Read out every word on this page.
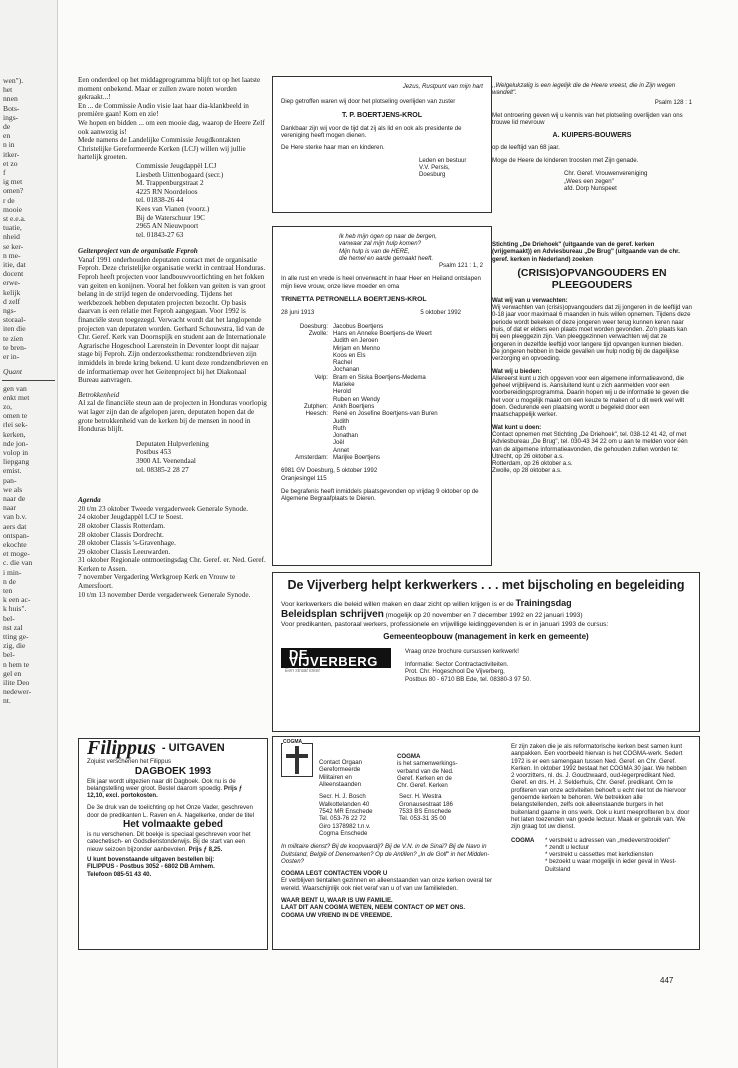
wen").
het
nnen
Bots-
ings-
de
en
n in
itker-
et zo
f
ig met
omen?
r de
mooie
st e.e.a.
tuatie,
nheid
se ker-
n me-
itie, dat
docent
erwe-
kelijk
d zelf
ngs-
storaal-
iten die
te zien
te bren-
er in-
Quant
gen van
enkt met
zo,
omen te
rlei sek-
kerken,
nde jon-
volop in
liepgang
emist.
pan-
we als
naar de
naar
van b.v.
aers dat
ontspan-
ekochte
et moge-
c. die van
i min-
n de
ten
k een ac-
k huis".
bel-
nst zal
tting ge-
zig, die
bel-
n hem te
gel en
ilite Deo
nedewer-
nt.
Een onderdeel op het middagprogramma blijft tot op het laatste moment onbekend. Maar er zullen zware noten worden gekraakt...!
En ... de Commissie Audio visie laat haar dia-klankbeeld in première gaan! Kom en zie!
We hopen en bidden ... om een mooie dag, waarop de Heere Zelf ook aanwezig is!
Mede namens de Landelijke Commissie Jeugdkontakten Christelijke Gereformeerde Kerken (LCJ) willen wij jullie hartelijk groeten.
Commissie Jeugdappèl LCJ
Liesbeth Uittenbogaard (secr.)
M. Trappenburgstraat 2
4225 RN Noordeloos
tel. 01838-26 44
Kees van Vianen (voorz.)
Bij de Waterschuur 19C
2965 AN Nieuwpoort
tel. 01843-27 63
Geitenproject van de organisatie Feproh

Vanaf 1991 onderhouden deputaten contact met de organisatie Feproh. Deze christelijke organisatie werkt in centraal Honduras. Feproh heeft projecten voor landbouwvoorlichting en het fokken van geiten en konijnen. Vooral het fokken van geiten is van groot belang in de strijd tegen de ondervoeding. Tijdens het werkbezoek hebben deputaten projecten bezocht. Op basis daarvan is een relatie met Feproh aangegaan. Voor 1992 is financiële steun toegezegd. Verwacht wordt dat het langlopende projecten van deputaten worden. Gerhard Schouwstra, lid van de Chr. Geref. Kerk van Doornspijk en student aan de Internationale Agrarische Hogeschool Larenstein in Deventer loopt dit najaar stage bij Feproh. Zijn onderzoeksthema: rondzendbrieven zijn inmiddels in brede kring bekend. U kunt deze rondzendbrieven en de informatiemap over het Geitenproject bij het Diakonaal Bureau aanvragen.

Betrokkenheid

Al zal de financiële steun aan de projecten in Honduras voorlopig wat lager zijn dan de afgelopen jaren, deputaten hopen dat de grote betrokkenheid van de kerken bij de mensen in nood in Honduras blijft.

Deputaten Hulpverlening
Postbus 453
3900 AL Veenendaal
tel. 08385-2 28 27
Agenda
20 t/m 23 oktober Tweede vergaderweek Generale Synode.
24 oktober Jeugdappèl LCJ te Soest.
28 oktober Classis Rotterdam.
28 oktober Classis Dordrecht.
28 oktober Classis 's-Gravenhage.
29 oktober Classis Leeuwarden.
31 oktober Regionale ontmoetingsdag Chr. Geref. er. Ned. Geref. Kerken te Assen.
7 november Vergadering Werkgroep Kerk en Vrouw te Amersfoort.
10 t/m 13 november Derde vergaderweek Generale Synode.
Jezus, Rustpunt van mijn hart
Diep getroffen waren wij door het plotseling overlijden van zuster
T. P. BOERTJENS-KROL
Dankbaar zijn wij voor de tijd dat zij als lid en ook als presidente de vereniging heeft mogen dienen.
De Here sterke haar man en kinderen.
Leden en bestuur
V.V. Persis,
Doesburg
,,Welgelukzalig is een iegelijk die de Heere vreest, die in Zijn wegen wandelt".
Psalm 128 : 1
Met ontroering geven wij u kennis van het plotseling overlijden van ons trouwe lid mevrouw
A. KUIPERS-BOUWERS
op de leeftijd van 68 jaar.
Moge de Heere de kinderen troosten met Zijn genade.
Chr. Geref. Vrouwenvereniging
„Wees een zegen"
afd. Dorp Nunspeet
Ik heb mijn ogen op naar de bergen,
vanwaar zal mijn hulp komen?
Mijn hulp is van de HERE,
die hemel en aarde gemaakt heeft.
Psalm 121 : 1, 2
In alle rust en vrede is heel onverwacht in haar Heer en Heiland ontslapen mijn lieve vrouw, onze lieve moeder en oma
TRINETTA PETRONELLA BOERTJENS-KROL
28 juni 1913	5 oktober 1992
Doesburg: Jacobus Boertjens
Zwolle: Hans en Anneke Boertjens-de Weert
Judith en Jeroen
Mirjam en Menno
Koos en Els
Rachel
Jochanan
Velp: Bram en Siska Boertjens-Medema
Marieke
Herold
Ruben en Wendy
Zutphen: Ankh Boertjens
Heesch: René en Josefine Boertjens-van Buren
Judith
Ruth
Jonathan
Joël
Annet
Amsterdam: Marijke Boertjens
6981 GV Doesburg, 5 oktober 1992
Oranjesingel 115
De begrafenis heeft inmiddels plaatsgevonden op vrijdag 9 oktober op de Algemene Begraafplaats te Dieren.
Stichting „De Driehoek" (uitgaande van de geref. kerken (vrijgemaakt)) en Adviesbureau „De Brug" (uitgaande van de chr. geref. kerken in Nederland) zoeken
(CRISIS)OPVANGOUDERS EN PLEEGOUDERS
Wat wij van u verwachten:
Wij verwachten van (crisis)opvangouders dat zij jongeren in de leeftijd van 0-18 jaar voor maximaal 6 maanden in huis willen opnemen. Tijdens deze periode wordt bekeken of deze jongeren weer terug kunnen keren naar huis, of dat er elders een plaats moet worden gevonden. Zo'n plaats kan bij een pleeggezin zijn. Van pleeggezinnen verwachten wij dat ze jongeren in dezelfde leeftijd voor langere tijd opvangen kunnen bieden. De jongeren hebben in beide gevallen uw hulp nodig bij de dagelijkse verzorging en opvoeding.
Wat wij u bieden:
Allereerst kunt u zich opgeven voor een algemene informatieavond, die geheel vrijblijvend is. Aansluitend kunt u zich aanmelden voor een voorbereidingsprogramma. Daarin hopen wij u de informatie te geven die het voor u mogelijk maakt om een keuze te maken of u dit werk wel wilt doen. Gedurende een plaatsing wordt u begeleid door een maatschappelijk werker.
Wat kunt u doen:
Contact opnemen met Stichting „De Driehoek", tel. 038-12 41 42, of met Adviesbureau „De Brug", tel. 030-43 34 22 om u aan te melden voor één van de algemene informatieavonden, die gehouden zullen worden te:
Utrecht, op 26 oktober a.s.
Rotterdam, op 26 oktober a.s.
Zwolle, op 28 oktober a.s.
De Vijverberg helpt kerkwerkers . . . met bijscholing en begeleiding
Voor kerkwerkers die beleid willen maken en daar zicht op willen krijgen is er de Trainingsdag
Beleidsplan schrijven (mogelijk op 20 november en 7 december 1992 en 22 januari 1993)
Voor predikanten, pastoraal werkers, professionele en vrijwillige leidinggevenden is er in januari 1993 de cursus:
Gemeenteopbouw (management in kerk en gemeente)
DE VIJVERBERG
Een straat loket
Vraag onze brochure cursussen kerkwerk!
Informatie: Sector Contractactiviteiten.
Prot. Chr. Hogeschool De Vijverberg,
Postbus 80 - 6710 BB Ede, tel. 08380-3 97 50.
Filippus - UITGAVEN
Zojuist verschenen het Filippus
DAGBOEK 1993
Elk jaar wordt uitgezien naar dit Dagboek. Ook nu is de belangstelling weer groot. Bestel daarom spoedig. Prijs ƒ 12,10, excl. portokosten.
De 3e druk van de toelichting op het Onze Vader, geschreven door de predikanten L. Raven en A. Nagelkerke, onder de titel
Het volmaakte gebed
is nu verschenen. Dit boekje is speciaal geschreven voor het catechetisch- en Godsdienstonderwijs. Bij de start van een nieuw seizoen bijzonder aanbevolen. Prijs ƒ 8,25.
U kunt bovenstaande uitgaven bestellen bij:
FILIPPUS - Postbus 3052 - 6802 DB Arnhem.
Telefoon 085-51 43 40.
Contact Orgaan
Gereformeerde
Militairen en
Alleenstaanden
COGMA
is het samenwerkings-
verband van de Ned.
Geref. Kerken en de
Chr. Geref. Kerken
COGMA
Secr. H. J. Bosch
Walkottelanden 40
7542 MR Enschede
Tel. 053-76 22 72
Giro 1378982 t.n.v.
Cogma Enschede
Secr. H. Westra
Gronausestraat 186
7533 BS Enschede
Tel. 053-31 35 00
In militaire dienst? Bij de koopvaardij? Bij de V.N. in de Sinaï? Bij de Navo in Duitsland, België of Denemarken? Op de Antillen? „In de Golf" in het Midden-Oosten?
COGMA LEGT CONTACTEN VOOR U
Er verblijven tientallen gezinnen en alleenstaanden van onze kerken overal ter wereld. Waarschijnlijk ook niet veraf van u of van uw familieleden.
WAAR BENT U, WAAR IS UW FAMILIE.
LAAT DIT AAN COGMA WETEN, NEEM CONTACT OP MET ONS.
COGMA UW VRIEND IN DE VREEMDE.
Er zijn zaken die je als reformatorische kerken best samen kunt aanpakken. Een voorbeeld hiervan is het COGMA-werk. Sedert 1972 is er een samengaan tussen Ned. Geref. en Chr. Geref. Kerken. In oktober 1992 bestaat het COGMA 30 jaar. We hebben 2 voorzitters, nl. ds. J. Goudzwaard, oud-legerpredikant Ned. Geref. en drs. H. J. Selderhuis, Chr. Geref. predikant. Om te profiteren van onze activiteiten behoeft u echt niet tot de hiervoor genoemde kerken te behoren. We betrekken alle belangstellenden, zelfs ook alleenstaande burgers in het buitenland gaarne in ons werk. Ook u kunt meeprofiteren b.v. door het laten toezenden van goede lectuur. Maak er gebruik van. We zijn graag tot uw dienst.
COGMA	* verstrekt u adressen van „medeverstrooiden"
* zendt u lectuur
* verstrekt u cassettes met kerkdiensten
* bezoekt u waar mogelijk in ieder geval in West-Duitsland
447
